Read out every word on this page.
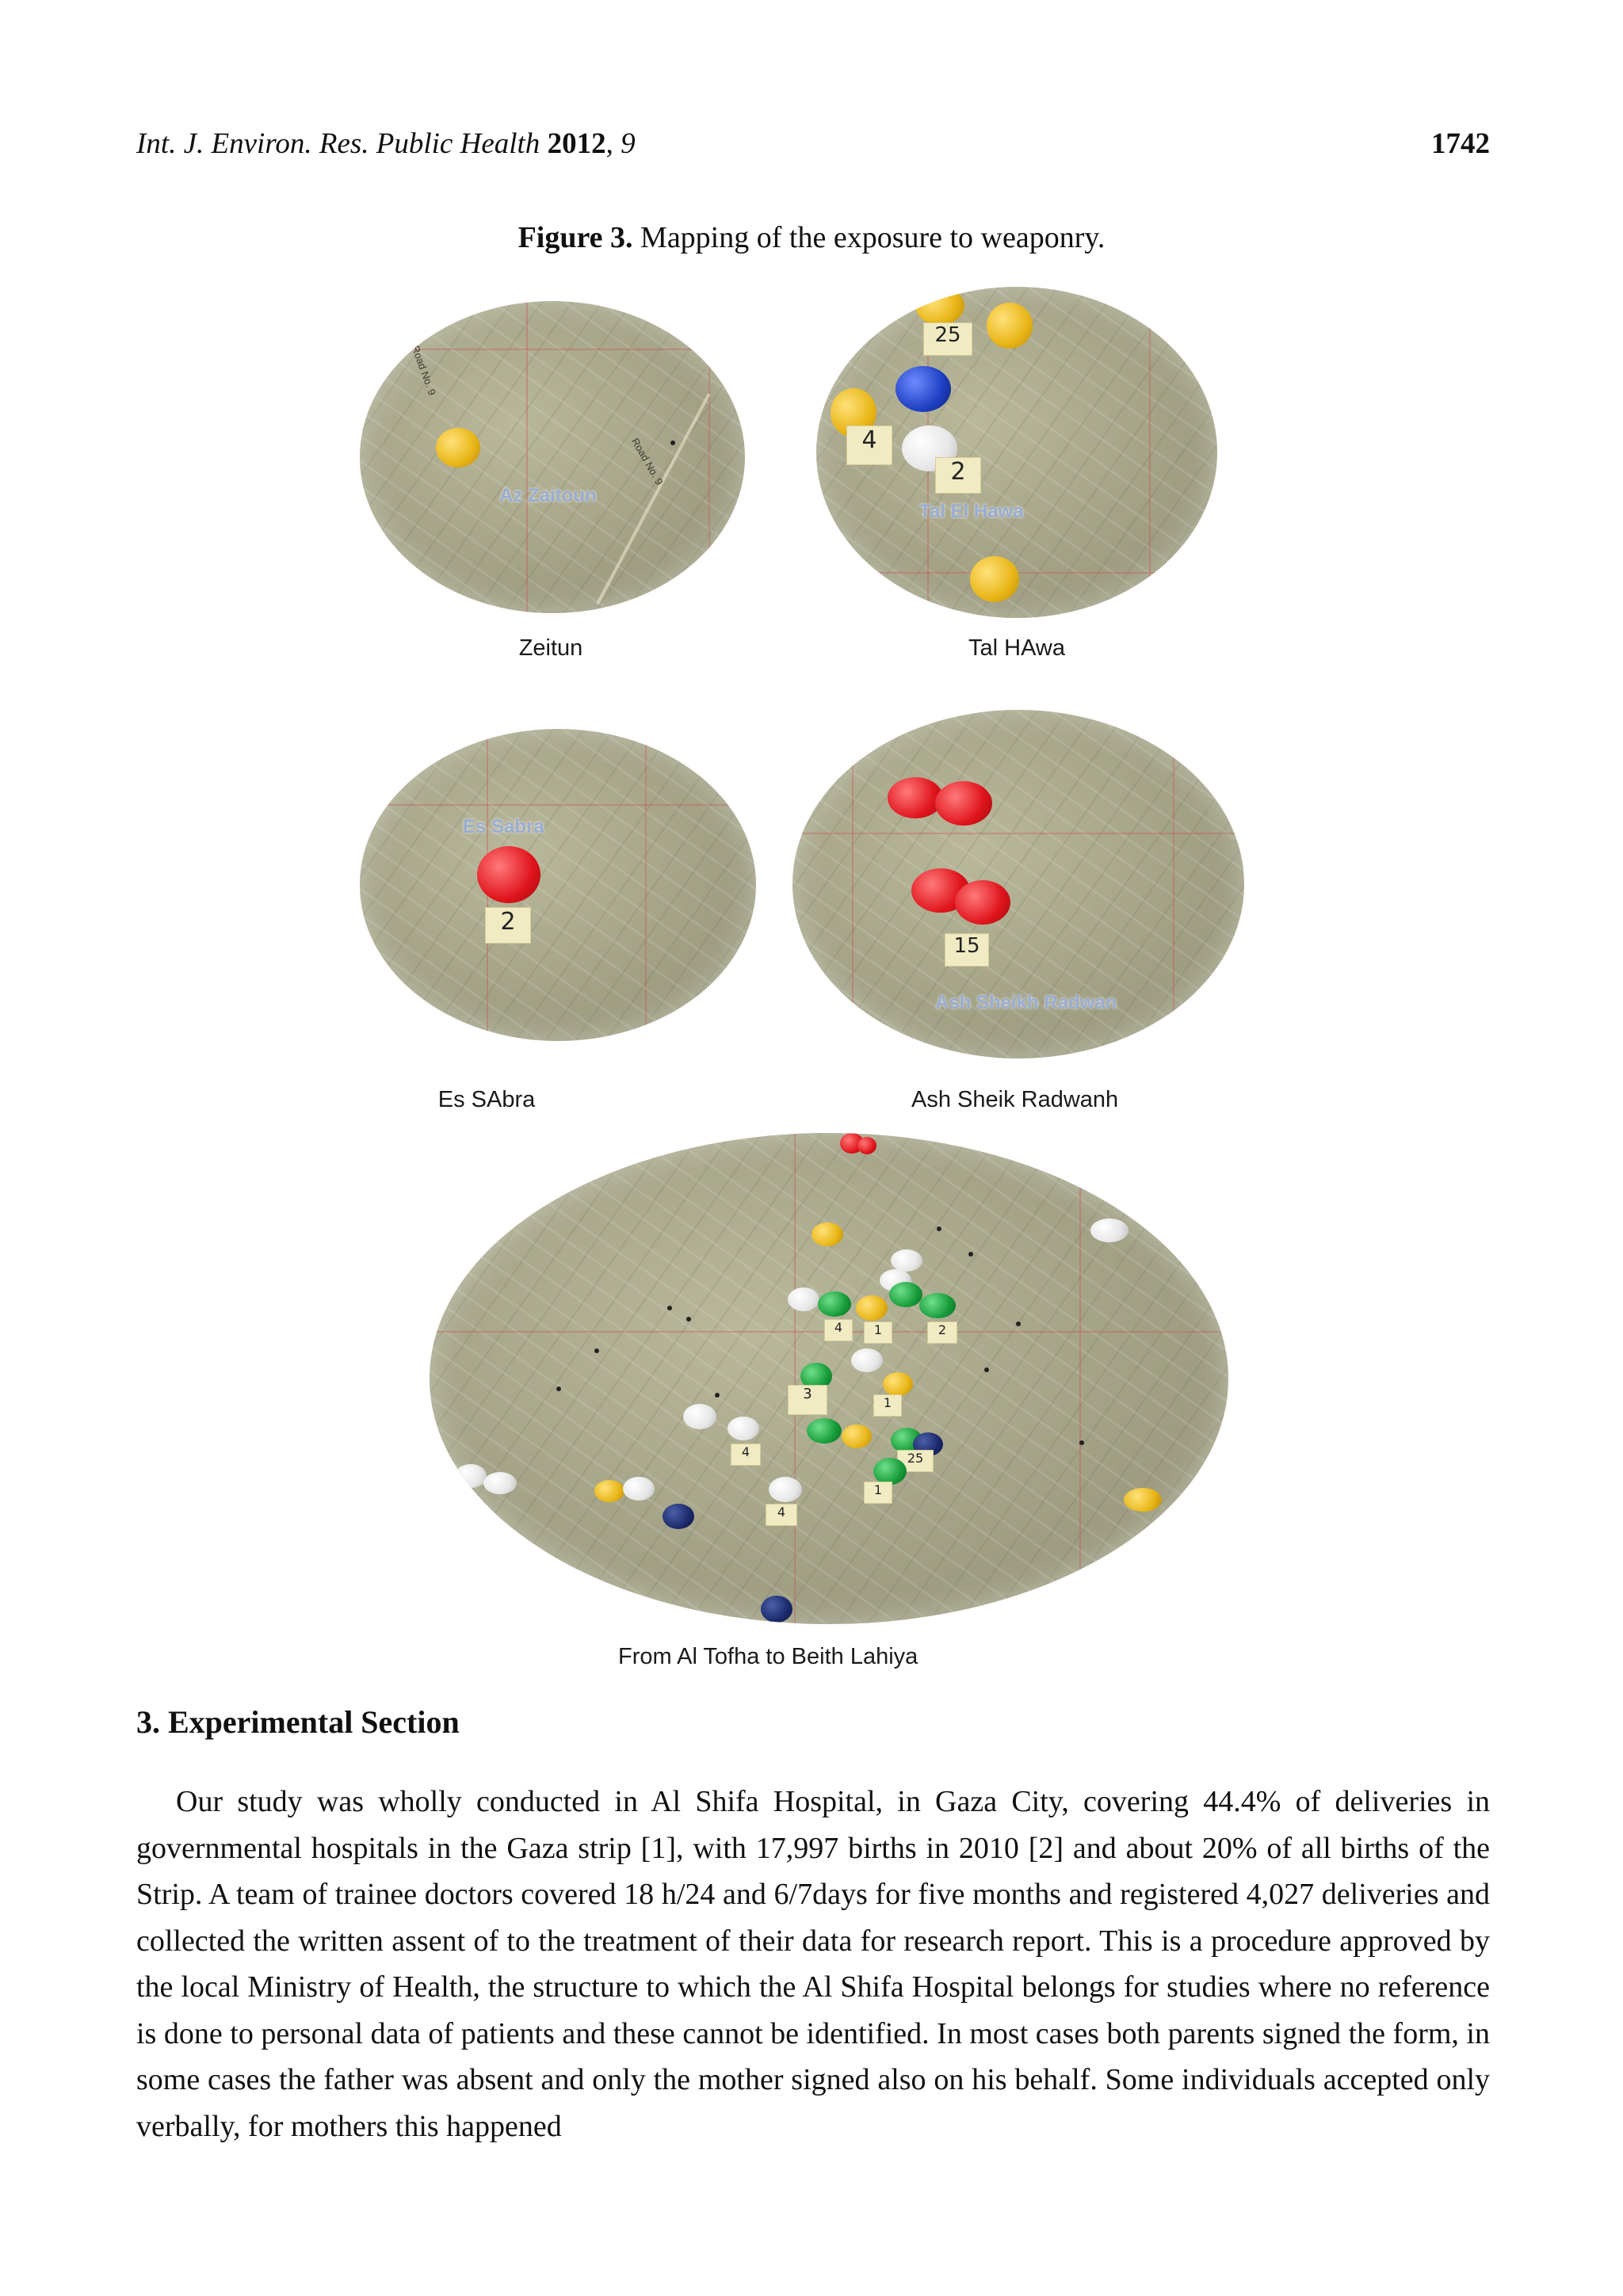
Int. J. Environ. Res. Public Health 2012, 9	1742
Figure 3. Mapping of the exposure to weaponry.
Road No. 9
Road No. 9
Az Zaitoun
Zeitun
25
4
2
Tal El Hawa
Tal HAwa
Es Sabra
2
Es SAbra
15
Ash Sheikh Radwan
Ash Sheik Radwanh
4	1	2
3
1
25
4
1
4
From Al Tofha to Beith Lahiya
3. Experimental Section

Our study was wholly conducted in Al Shifa Hospital, in Gaza City, covering 44.4% of deliveries in governmental hospitals in the Gaza strip [1], with 17,997 births in 2010 [2] and about 20% of all births of the Strip. A team of trainee doctors covered 18 h/24 and 6/7days for five months and registered 4,027 deliveries and collected the written assent of to the treatment of their data for research report. This is a procedure approved by the local Ministry of Health, the structure to which the Al Shifa Hospital belongs for studies where no reference is done to personal data of patients and these cannot be identified. In most cases both parents signed the form, in some cases the father was absent and only the mother signed also on his behalf. Some individuals accepted only verbally, for mothers this happened
